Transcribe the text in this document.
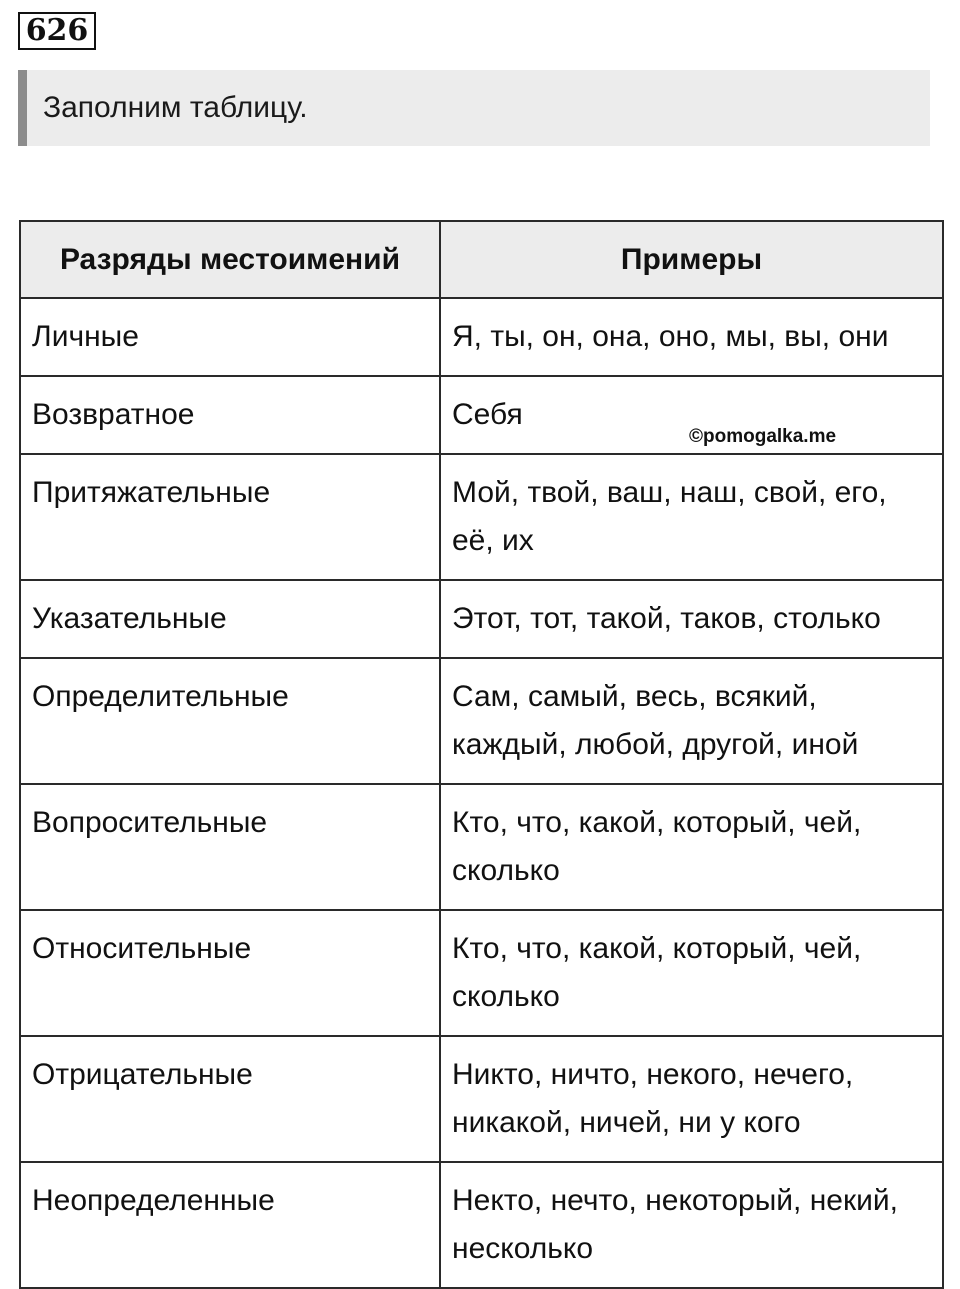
626
Заполним таблицу.
Разряды местоимений	Примеры
Личные	Я, ты, он, она, оно, мы, вы, они
Возвратное	Себя
Притяжательные	Мой, твой, ваш, наш, свой, его, её, их
Указательные	Этот, тот, такой, таков, столько
Определительные	Сам, самый, весь, всякий, каждый, любой, другой, иной
Вопросительные	Кто, что, какой, который, чей, сколько
Относительные	Кто, что, какой, который, чей, сколько
Отрицательные	Никто, ничто, некого, нечего, никакой, ничей, ни у кого
Неопределенные	Некто, нечто, некоторый, некий, несколько
©pomogalka.me
